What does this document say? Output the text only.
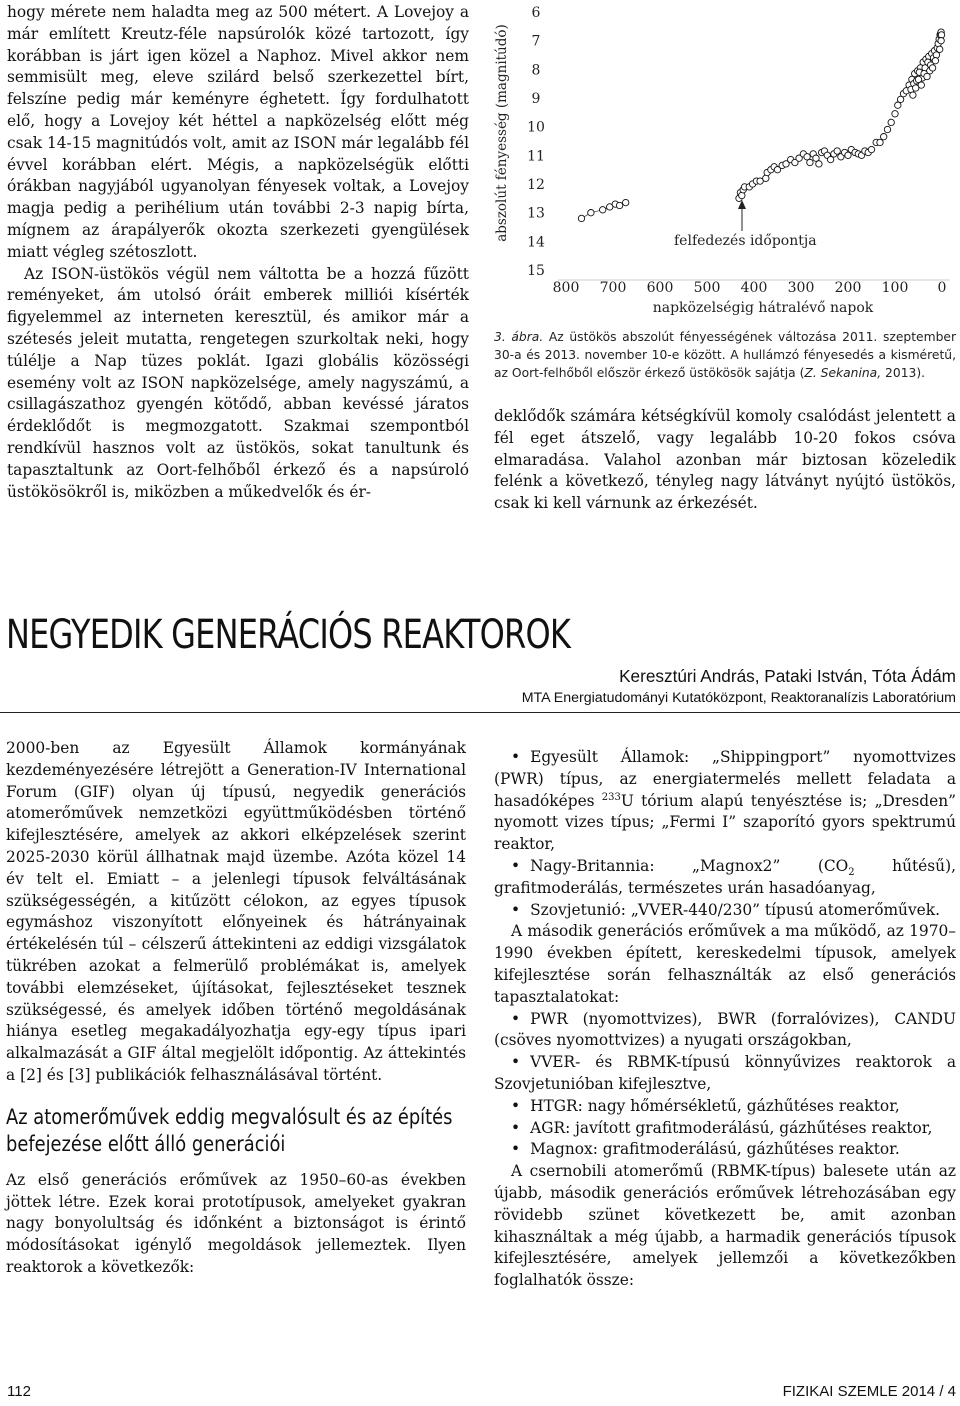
hogy mérete nem haladta meg az 500 métert. A Lovejoy a már említett Kreutz-féle napsúrolók közé tartozott, így korábban is járt igen közel a Naphoz. Mivel akkor nem semmisült meg, eleve szilárd belső szerkezettel bírt, felszíne pedig már keményre éghetett. Így fordulhatott elő, hogy a Lovejoy két héttel a napközelség előtt még csak 14-15 magnitúdós volt, amit az ISON már legalább fél évvel korábban elért. Mégis, a napközelségük előtti órákban nagyjából ugyanolyan fényesek voltak, a Lovejoy magja pedig a perihélium után további 2-3 napig bírta, mígnem az árapályerők okozta szerkezeti gyengülések miatt végleg szétoszlott.

Az ISON-üstökös végül nem váltotta be a hozzá fűzött reményeket, ám utolsó óráit emberek milliói kísérték figyelemmel az interneten keresztül, és amikor már a szétesés jeleit mutatta, rengetegen szurkoltak neki, hogy túlélje a Nap tüzes poklát. Igazi globális közösségi esemény volt az ISON napközelsége, amely nagyszámú, a csillagászathoz gyengén kötődő, abban kevéssé járatos érdeklődőt is megmozgatott. Szakmai szempontból rendkívül hasznos volt az üstökös, sokat tanultunk és tapasztaltunk az Oort-felhőből érkező és a napsúroló üstökösökről is, miközben a műkedvelők és ér-

6
7
8
9
10
11
12
13
14
15
800 700 600 500 400 300 200 100 0
abszolút fényesség (magnitúdó)
napközelségig hátralévő napok
felfedezés időpontja
3. ábra. Az üstökös abszolút fényességének változása 2011. szeptember 30-a és 2013. november 10-e között. A hullámzó fényesedés a kisméretű, az Oort-felhőből először érkező üstökösök sajátja (Z. Sekanina, 2013).

deklődők számára kétségkívül komoly csalódást jelentett a fél eget átszelő, vagy legalább 10-20 fokos csóva elmaradása. Valahol azonban már biztosan közeledik felénk a következő, tényleg nagy látványt nyújtó üstökös, csak ki kell várnunk az érkezését.

NEGYEDIK GENERÁCIÓS REAKTOROK
Keresztúri András, Pataki István, Tóta Ádám
MTA Energiatudományi Kutatóközpont, Reaktoranalízis Laboratórium

2000-ben az Egyesült Államok kormányának kezdeményezésére létrejött a Generation-IV International Forum (GIF) olyan új típusú, negyedik generációs atomerőművek nemzetközi együttműködésben történő kifejlesztésére, amelyek az akkori elképzelések szerint 2025-2030 körül állhatnak majd üzembe. Azóta közel 14 év telt el. Emiatt – a jelenlegi típusok felváltásának szükségességén, a kitűzött célokon, az egyes típusok egymáshoz viszonyított előnyeinek és hátrányainak értékelésén túl – célszerű áttekinteni az eddigi vizsgálatok tükrében azokat a felmerülő problémákat is, amelyek további elemzéseket, újításokat, fejlesztéseket tesznek szükségessé, és amelyek időben történő megoldásának hiánya esetleg megakadályozhatja egy-egy típus ipari alkalmazását a GIF által megjelölt időpontig. Az áttekintés a [2] és [3] publikációk felhasználásával történt.

Az atomerőművek eddig megvalósult és az építés befejezése előtt álló generációi

Az első generációs erőművek az 1950–60-as években jöttek létre. Ezek korai prototípusok, amelyeket gyakran nagy bonyolultság és időnként a biztonságot is érintő módosításokat igénylő megoldások jellemeztek. Ilyen reaktorok a következők:

• Egyesült Államok: „Shippingport” nyomottvizes (PWR) típus, az energiatermelés mellett feladata a hasadóképes $^{233}$U tórium alapú tenyésztése is; „Dresden” nyomott vizes típus; „Fermi I” szaporító gyors spektrumú reaktor,
• Nagy-Britannia: „Magnox2” ($CO_2$ hűtésű), grafitmoderálás, természetes urán hasadóanyag,
• Szovjetunió: „VVER-440/230” típusú atomerőművek.

A második generációs erőművek a ma működő, az 1970–1990 években épített, kereskedelmi típusok, amelyek kifejlesztése során felhasználták az első generációs tapasztalatokat:

• PWR (nyomottvizes), BWR (forralóvizes), CANDU (csöves nyomottvizes) a nyugati országokban,
• VVER- és RBMK-típusú könnyűvizes reaktorok a Szovjetunióban kifejlesztve,
• HTGR: nagy hőmérsékletű, gázhűtéses reaktor,
• AGR: javított grafitmoderálású, gázhűtéses reaktor,
• Magnox: grafitmoderálású, gázhűtéses reaktor.

A csernobili atomerőmű (RBMK-típus) balesete után az újabb, második generációs erőművek létrehozásában egy rövidebb szünet következett be, amit azonban kihasználtak a még újabb, a harmadik generációs típusok kifejlesztésére, amelyek jellemzői a következőkben foglalhatók össze:

112	FIZIKAI SZEMLE 2014 / 4
